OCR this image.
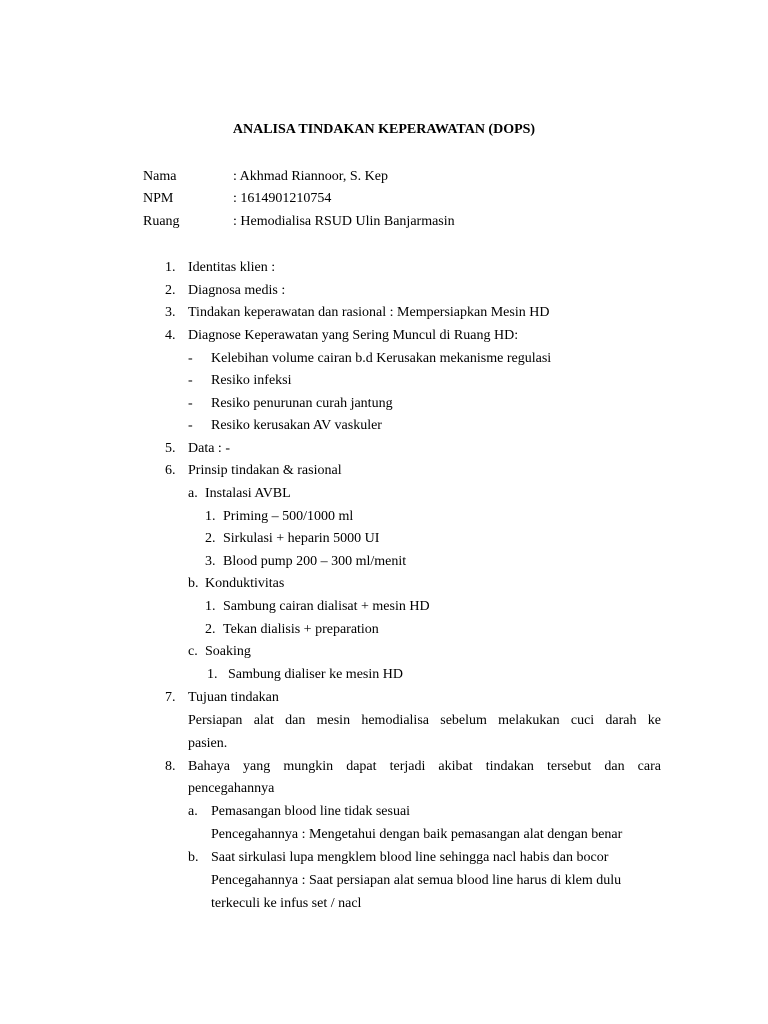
ANALISA TINDAKAN KEPERAWATAN (DOPS)
Nama	: Akhmad Riannoor, S. Kep
NPM	: 1614901210754
Ruang	: Hemodialisa RSUD Ulin Banjarmasin
1. Identitas klien :
2. Diagnosa medis :
3. Tindakan keperawatan dan rasional : Mempersiapkan Mesin HD
4. Diagnose Keperawatan yang Sering Muncul di Ruang HD:
- Kelebihan volume cairan b.d Kerusakan mekanisme regulasi
- Resiko infeksi
- Resiko penurunan curah jantung
- Resiko kerusakan AV vaskuler
5. Data : -
6. Prinsip tindakan & rasional
a. Instalasi AVBL
1. Priming – 500/1000 ml
2. Sirkulasi + heparin 5000 UI
3. Blood pump 200 – 300 ml/menit
b. Konduktivitas
1. Sambung cairan dialisat + mesin HD
2. Tekan dialisis + preparation
c. Soaking
1. Sambung dialiser ke mesin HD
7. Tujuan tindakan
Persiapan alat dan mesin hemodialisa sebelum melakukan cuci darah ke
pasien.
8. Bahaya yang mungkin dapat terjadi akibat tindakan tersebut dan cara
pencegahannya
a. Pemasangan blood line tidak sesuai
Pencegahannya : Mengetahui dengan baik pemasangan alat dengan benar
b. Saat sirkulasi lupa mengklem blood line sehingga nacl habis dan bocor
Pencegahannya : Saat persiapan alat semua blood line harus di klem dulu
terkeculi ke infus set / nacl
